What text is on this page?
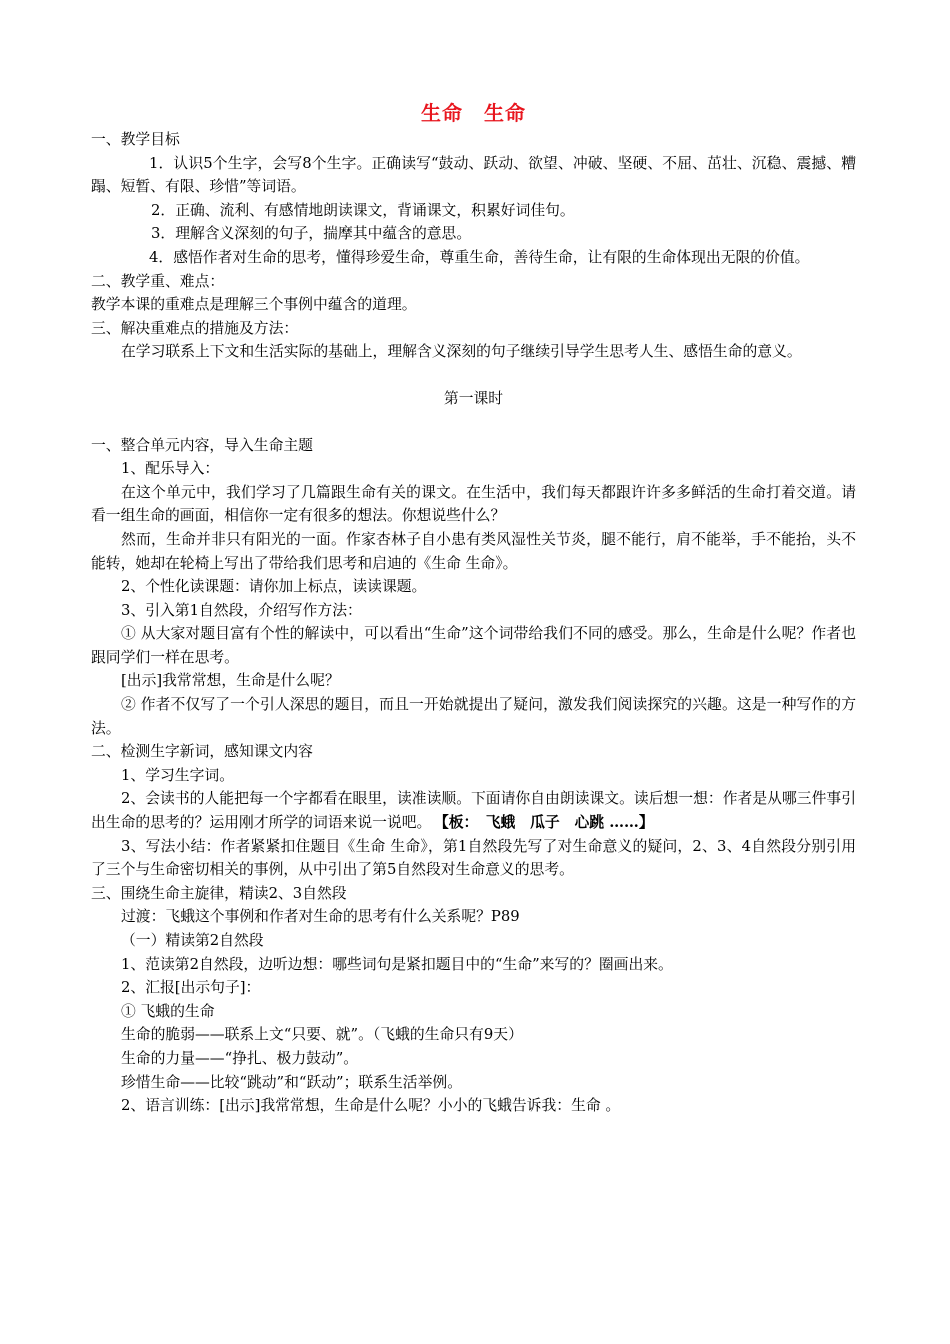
生命　生命

一、教学目标

1．认识5个生字，会写8个生字。正确读写“鼓动、跃动、欲望、冲破、坚硬、不屈、茁壮、沉稳、震撼、糟蹋、短暂、有限、珍惜”等词语。

2．正确、流利、有感情地朗读课文，背诵课文，积累好词佳句。

3．理解含义深刻的句子，揣摩其中蕴含的意思。

4．感悟作者对生命的思考，懂得珍爱生命，尊重生命，善待生命，让有限的生命体现出无限的价值。

二、教学重、难点：

教学本课的重难点是理解三个事例中蕴含的道理。

三、解决重难点的措施及方法：

在学习联系上下文和生活实际的基础上，理解含义深刻的句子继续引导学生思考人生、感悟生命的意义。

第一课时

一、整合单元内容，导入生命主题

1、配乐导入：

在这个单元中，我们学习了几篇跟生命有关的课文。在生活中，我们每天都跟许许多多鲜活的生命打着交道。请看一组生命的画面，相信你一定有很多的想法。你想说些什么？

然而，生命并非只有阳光的一面。作家杏林子自小患有类风湿性关节炎，腿不能行，肩不能举，手不能抬，头不能转，她却在轮椅上写出了带给我们思考和启迪的《生命 生命》。

2、个性化读课题：请你加上标点，读读课题。

3、引入第1自然段，介绍写作方法：

① 从大家对题目富有个性的解读中，可以看出“生命”这个词带给我们不同的感受。那么，生命是什么呢？作者也跟同学们一样在思考。

[出示]我常常想，生命是什么呢？

② 作者不仅写了一个引人深思的题目，而且一开始就提出了疑问，激发我们阅读探究的兴趣。这是一种写作的方法。

二、检测生字新词，感知课文内容

1、学习生字词。

2、会读书的人能把每一个字都看在眼里，读准读顺。下面请你自由朗读课文。读后想一想：作者是从哪三件事引出生命的思考的？运用刚才所学的词语来说一说吧。 【板：　飞蛾　瓜子　心跳 ……】

3、写法小结：作者紧紧扣住题目《生命 生命》，第1自然段先写了对生命意义的疑问，2、3、4自然段分别引用了三个与生命密切相关的事例，从中引出了第5自然段对生命意义的思考。

三、围绕生命主旋律，精读2、3自然段

过渡：飞蛾这个事例和作者对生命的思考有什么关系呢？P89

（一）精读第2自然段

1、范读第2自然段，边听边想：哪些词句是紧扣题目中的“生命”来写的？圈画出来。

2、汇报[出示句子]：

① 飞蛾的生命

生命的脆弱——联系上文“只要、就”。（飞蛾的生命只有9天）

生命的力量——“挣扎、极力鼓动”。

珍惜生命——比较“跳动”和“跃动”；联系生活举例。

2、语言训练：[出示]我常常想，生命是什么呢？小小的飞蛾告诉我：生命 。
